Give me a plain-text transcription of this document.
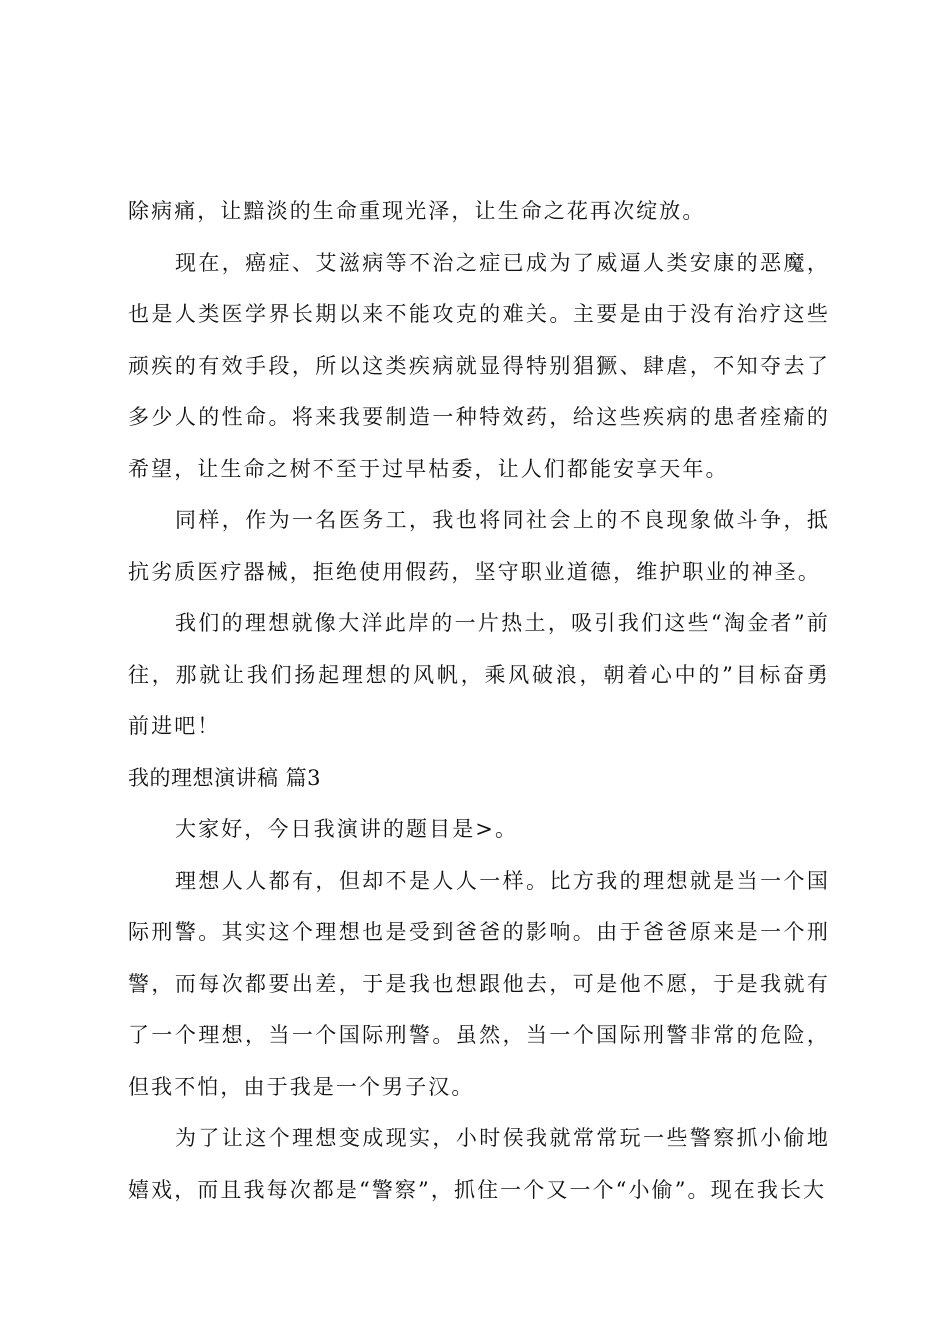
除病痛，让黯淡的生命重现光泽，让生命之花再次绽放。

现在，癌症、艾滋病等不治之症已成为了威逼人类安康的恶魔，也是人类医学界长期以来不能攻克的难关。主要是由于没有治疗这些顽疾的有效手段，所以这类疾病就显得特别猖獗、肆虐，不知夺去了多少人的性命。将来我要制造一种特效药，给这些疾病的患者痊瘉的希望，让生命之树不至于过早枯委，让人们都能安享天年。

同样，作为一名医务工，我也将同社会上的不良现象做斗争，抵抗劣质医疗器械，拒绝使用假药，坚守职业道德，维护职业的神圣。

我们的理想就像大洋此岸的一片热土，吸引我们这些“淘金者”前往，那就让我们扬起理想的风帆，乘风破浪，朝着心中的”目标奋勇前进吧！

我的理想演讲稿 篇3

大家好，今日我演讲的题目是>。

理想人人都有，但却不是人人一样。比方我的理想就是当一个国际刑警。其实这个理想也是受到爸爸的影响。由于爸爸原来是一个刑警，而每次都要出差，于是我也想跟他去，可是他不愿，于是我就有了一个理想，当一个国际刑警。虽然，当一个国际刑警非常的危险，但我不怕，由于我是一个男子汉。

为了让这个理想变成现实，小时侯我就常常玩一些警察抓小偷地嬉戏，而且我每次都是“警察”，抓住一个又一个“小偷”。现在我长大
